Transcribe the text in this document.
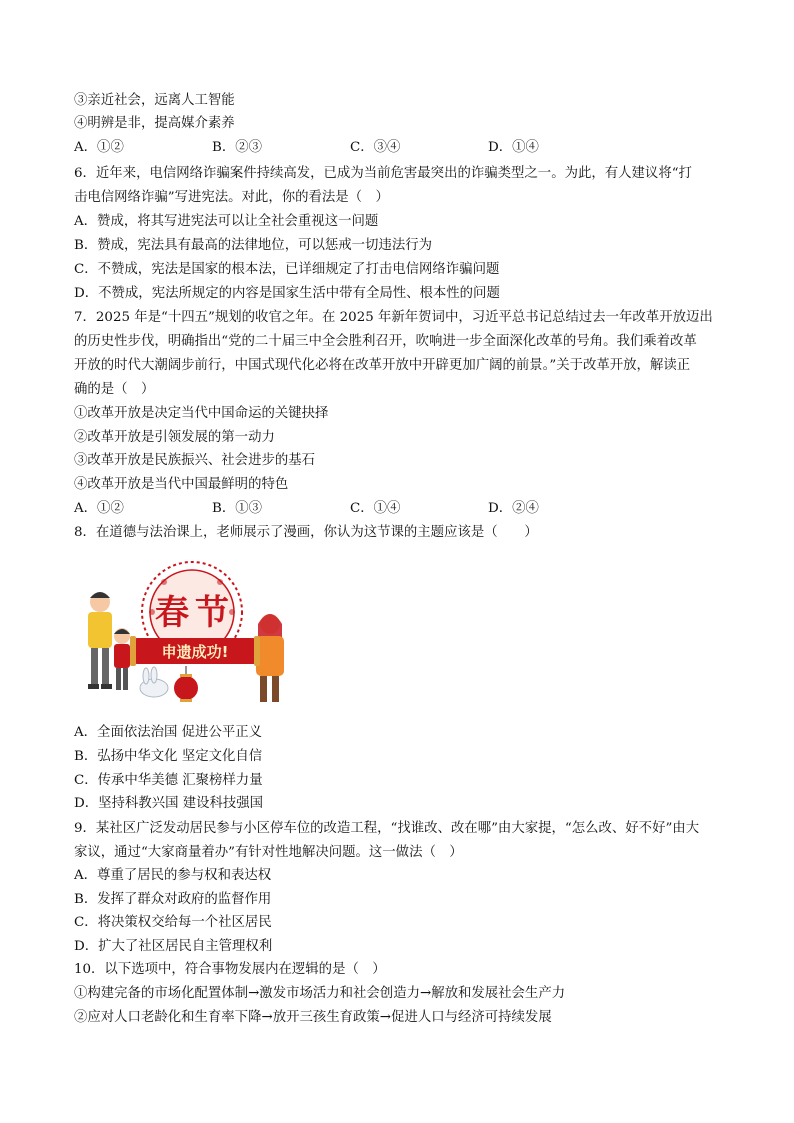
③亲近社会，远离人工智能
④明辨是非，提高媒介素养
A．①②	B．②③	C．③④	D．①④
6．近年来，电信网络诈骗案件持续高发，已成为当前危害最突出的诈骗类型之一。为此，有人建议将“打
击电信网络诈骗”写进宪法。对此，你的看法是（　）
A．赞成，将其写进宪法可以让全社会重视这一问题
B．赞成，宪法具有最高的法律地位，可以惩戒一切违法行为
C．不赞成，宪法是国家的根本法，已详细规定了打击电信网络诈骗问题
D．不赞成，宪法所规定的内容是国家生活中带有全局性、根本性的问题
7．2025 年是“十四五”规划的收官之年。在 2025 年新年贺词中，习近平总书记总结过去一年改革开放迈出
的历史性步伐，明确指出“党的二十届三中全会胜利召开，吹响进一步全面深化改革的号角。我们乘着改革
开放的时代大潮阔步前行，中国式现代化必将在改革开放中开辟更加广阔的前景。”关于改革开放，解读正
确的是（　）
①改革开放是决定当代中国命运的关键抉择
②改革开放是引领发展的第一动力
③改革开放是民族振兴、社会进步的基石
④改革开放是当代中国最鲜明的特色
A．①②	B．①③	C．①④	D．②④
8．在道德与法治课上，老师展示了漫画，你认为这节课的主题应该是（　　）
春 节
申遗成功!
A．全面依法治国 促进公平正义
B．弘扬中华文化 坚定文化自信
C．传承中华美德 汇聚榜样力量
D．坚持科教兴国 建设科技强国
9．某社区广泛发动居民参与小区停车位的改造工程，“找谁改、改在哪”由大家提，“怎么改、好不好”由大
家议，通过“大家商量着办”有针对性地解决问题。这一做法（　）
A．尊重了居民的参与权和表达权
B．发挥了群众对政府的监督作用
C．将决策权交给每一个社区居民
D．扩大了社区居民自主管理权利
10．以下选项中，符合事物发展内在逻辑的是（　）
①构建完备的市场化配置体制→激发市场活力和社会创造力→解放和发展社会生产力
②应对人口老龄化和生育率下降→放开三孩生育政策→促进人口与经济可持续发展
